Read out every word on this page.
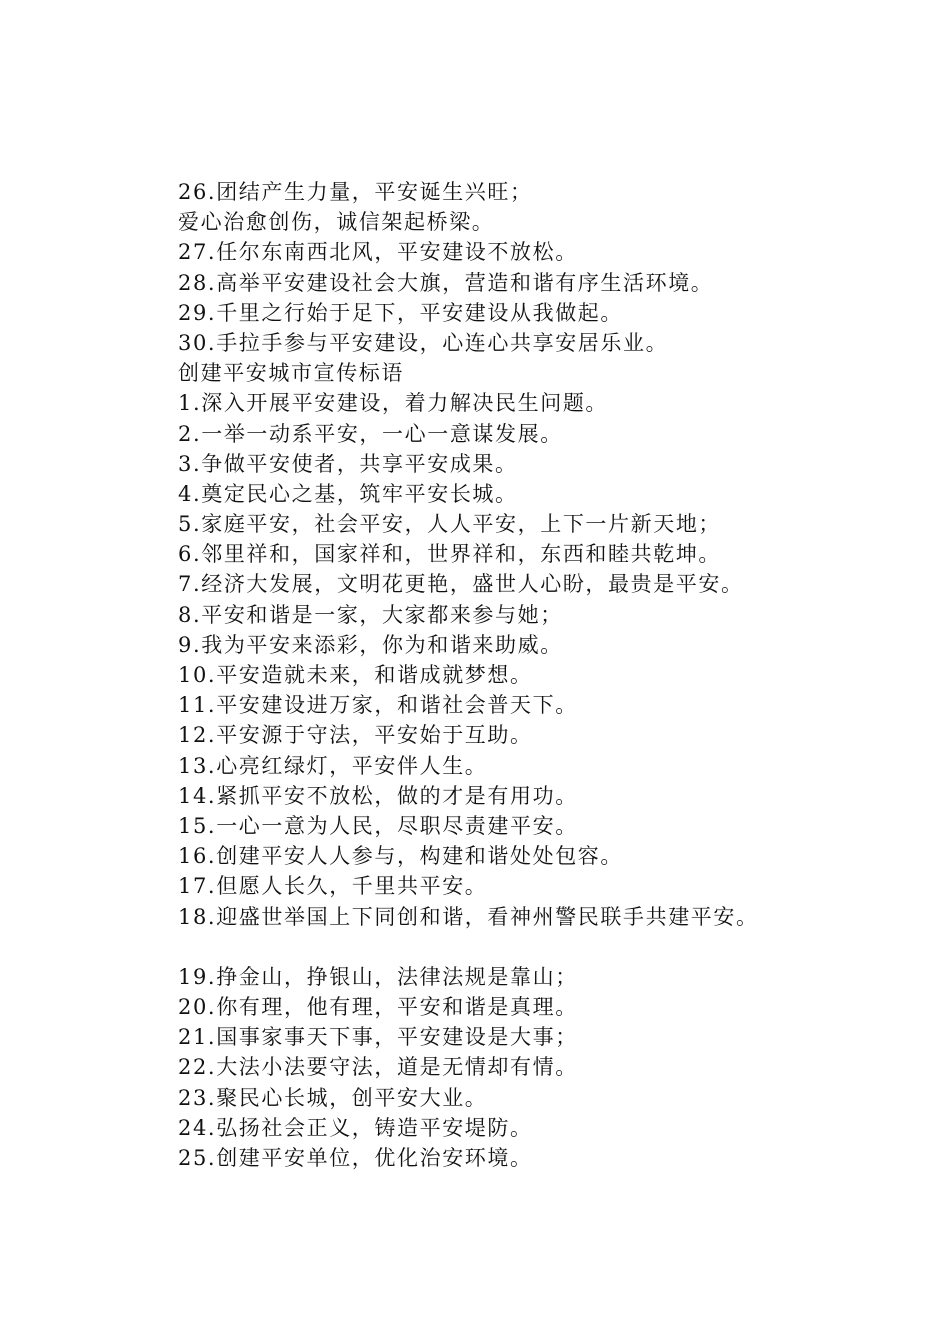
26.团结产生力量，平安诞生兴旺；
爱心治愈创伤，诚信架起桥梁。
27.任尔东南西北风，平安建设不放松。
28.高举平安建设社会大旗，营造和谐有序生活环境。
29.千里之行始于足下，平安建设从我做起。
30.手拉手参与平安建设，心连心共享安居乐业。
创建平安城市宣传标语
1.深入开展平安建设，着力解决民生问题。
2.一举一动系平安，一心一意谋发展。
3.争做平安使者，共享平安成果。
4.奠定民心之基，筑牢平安长城。
5.家庭平安，社会平安，人人平安，上下一片新天地；
6.邻里祥和，国家祥和，世界祥和，东西和睦共乾坤。
7.经济大发展，文明花更艳，盛世人心盼，最贵是平安。
8.平安和谐是一家，大家都来参与她；
9.我为平安来添彩，你为和谐来助威。
10.平安造就未来，和谐成就梦想。
11.平安建设进万家，和谐社会普天下。
12.平安源于守法，平安始于互助。
13.心亮红绿灯，平安伴人生。
14.紧抓平安不放松，做的才是有用功。
15.一心一意为人民，尽职尽责建平安。
16.创建平安人人参与，构建和谐处处包容。
17.但愿人长久，千里共平安。
18.迎盛世举国上下同创和谐，看神州警民联手共建平安。
19.挣金山，挣银山，法律法规是靠山；
20.你有理，他有理，平安和谐是真理。
21.国事家事天下事，平安建设是大事；
22.大法小法要守法，道是无情却有情。
23.聚民心长城，创平安大业。
24.弘扬社会正义，铸造平安堤防。
25.创建平安单位，优化治安环境。
